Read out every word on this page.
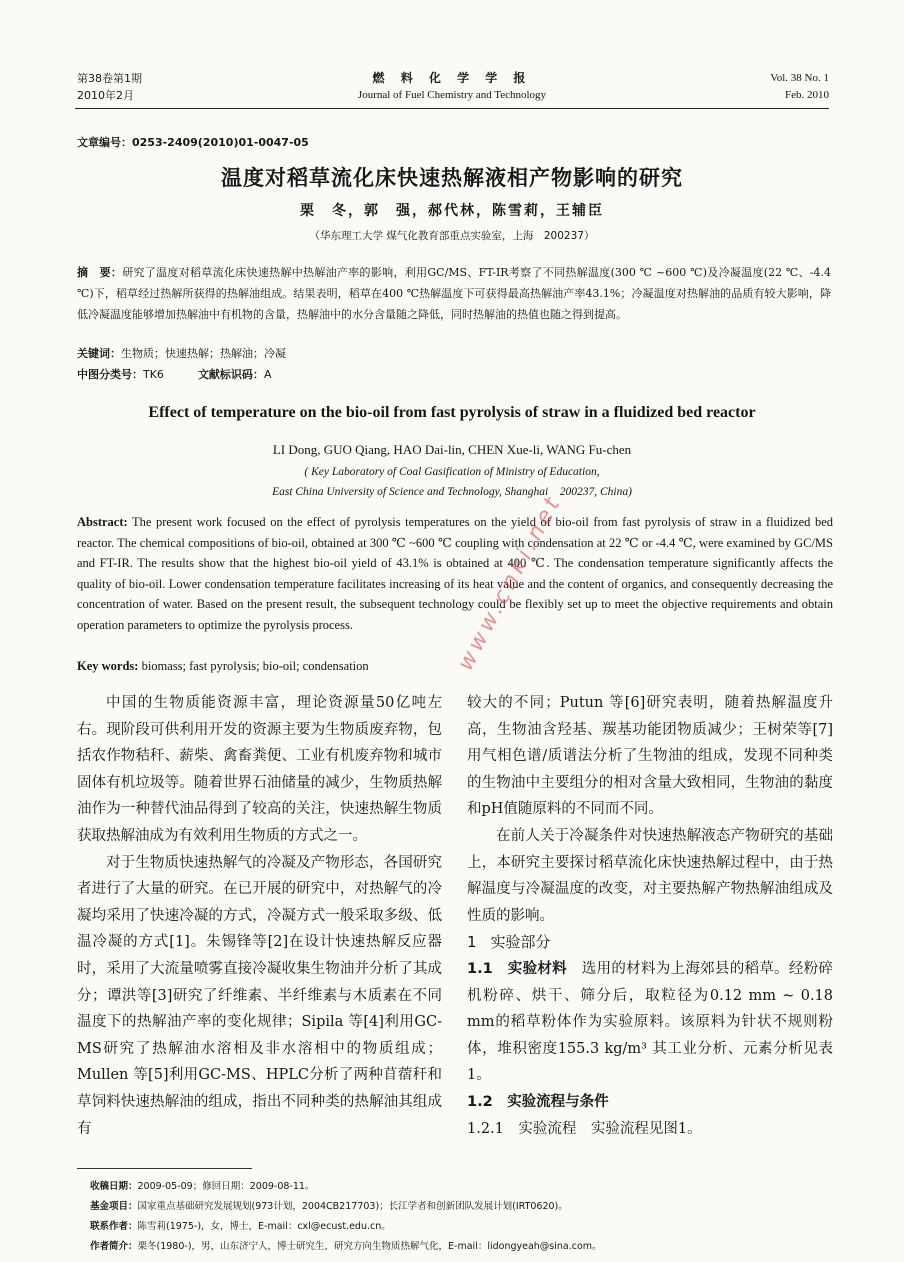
第38卷第1期
2010年2月
燃 料 化 学 学 报
Journal of Fuel Chemistry and Technology
Vol. 38 No. 1
Feb. 2010
文章编号：0253-2409(2010)01-0047-05
温度对稻草流化床快速热解液相产物影响的研究
栗　冬，郭　强，郝代林，陈雪莉，王辅臣
（华东理工大学 煤气化教育部重点实验室，上海　200237）
摘　要：研究了温度对稻草流化床快速热解中热解油产率的影响，利用GC/MS、FT-IR考察了不同热解温度(300 ℃ ~600 ℃)及冷凝温度(22 ℃、-4.4 ℃)下，稻草经过热解所获得的热解油组成。结果表明，稻草在400 ℃热解温度下可获得最高热解油产率43.1%；冷凝温度对热解油的品质有较大影响，降低冷凝温度能够增加热解油中有机物的含量，热解油中的水分含量随之降低，同时热解油的热值也随之得到提高。
关键词：生物质；快速热解；热解油；冷凝
中图分类号：TK6	文献标识码：A
Effect of temperature on the bio-oil from fast pyrolysis of straw in a fluidized bed reactor
LI Dong, GUO Qiang, HAO Dai-lin, CHEN Xue-li, WANG Fu-chen
( Key Laboratory of Coal Gasification of Ministry of Education,
East China University of Science and Technology, Shanghai　200237, China)
Abstract: The present work focused on the effect of pyrolysis temperatures on the yield of bio-oil from fast pyrolysis of straw in a fluidized bed reactor. The chemical compositions of bio-oil, obtained at 300 ℃ ~600 ℃ coupling with condensation at 22 ℃ or -4.4 ℃, were examined by GC/MS and FT-IR. The results show that the highest bio-oil yield of 43.1% is obtained at 400 ℃. The condensation temperature significantly affects the quality of bio-oil. Lower condensation temperature facilitates increasing of its heat value and the content of organics, and consequently decreasing the concentration of water. Based on the present result, the subsequent technology could be flexibly set up to meet the objective requirements and obtain operation parameters to optimize the pyrolysis process.
Key words: biomass; fast pyrolysis; bio-oil; condensation

中国的生物质能资源丰富，理论资源量50亿吨左右。现阶段可供利用开发的资源主要为生物质废弃物，包括农作物秸秆、薪柴、禽畜粪便、工业有机废弃物和城市固体有机垃圾等。随着世界石油储量的减少，生物质热解油作为一种替代油品得到了较高的关注，快速热解生物质获取热解油成为有效利用生物质的方式之一。

对于生物质快速热解气的冷凝及产物形态，各国研究者进行了大量的研究。在已开展的研究中，对热解气的冷凝均采用了快速冷凝的方式，冷凝方式一般采取多级、低温冷凝的方式[1]。朱锡锋等[2]在设计快速热解反应器时，采用了大流量喷雾直接冷凝收集生物油并分析了其成分；谭洪等[3]研究了纤维素、半纤维素与木质素在不同温度下的热解油产率的变化规律；Sipila 等[4]利用GC-MS研究了热解油水溶相及非水溶相中的物质组成；Mullen 等[5]利用GC-MS、HPLC分析了两种苜蓿秆和草饲料快速热解油的组成，指出不同种类的热解油其组成有

较大的不同；Putun 等[6]研究表明，随着热解温度升高，生物油含羟基、羰基功能团物质减少；王树荣等[7]用气相色谱/质谱法分析了生物油的组成，发现不同种类的生物油中主要组分的相对含量大致相同，生物油的黏度和pH值随原料的不同而不同。

在前人关于冷凝条件对快速热解液态产物研究的基础上，本研究主要探讨稻草流化床快速热解过程中，由于热解温度与冷凝温度的改变，对主要热解产物热解油组成及性质的影响。

1 实验部分

1.1　 实验材料　选用的材料为上海郊县的稻草。经粉碎机粉碎、烘干、筛分后，取粒径为0.12 mm ~ 0.18 mm的稻草粉体作为实验原料。该原料为针状不规则粉体，堆积密度155.3 kg/m³ 其工业分析、元素分析见表1。

1.2　 实验流程与条件

1.2.1　 实验流程　实验流程见图1。

收稿日期：2009-05-09；修回日期：2009-08-11。
基金项目：国家重点基础研究发展规划(973计划，2004CB217703)；长江学者和创新团队发展计划(IRT0620)。
联系作者：陈雪莉(1975-)，女，博士，E-mail：cxl@ecust.edu.cn。
作者简介：栗冬(1980-)，男，山东济宁人，博士研究生，研究方向生物质热解气化，E-mail：lidongyeah@sina.com。
www.cnki.net
